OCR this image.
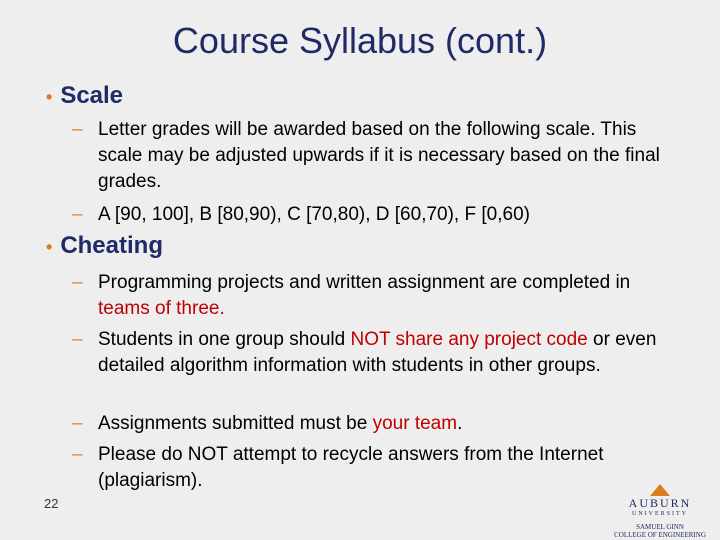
Course Syllabus (cont.)
• Scale
– Letter grades will be awarded based on the following scale. This scale may be adjusted upwards if it is necessary based on the final grades.
– A [90, 100], B [80,90), C [70,80), D [60,70), F [0,60)
• Cheating
– Programming projects and written assignment are completed in teams of three.
– Students in one group should NOT share any project code or even detailed algorithm information with students in other groups.
– Assignments submitted must be your team.
– Please do NOT attempt to recycle answers from the Internet (plagiarism).
22	AUBURN
UNIVERSITY
SAMUEL GINN
COLLEGE OF ENGINEERING
